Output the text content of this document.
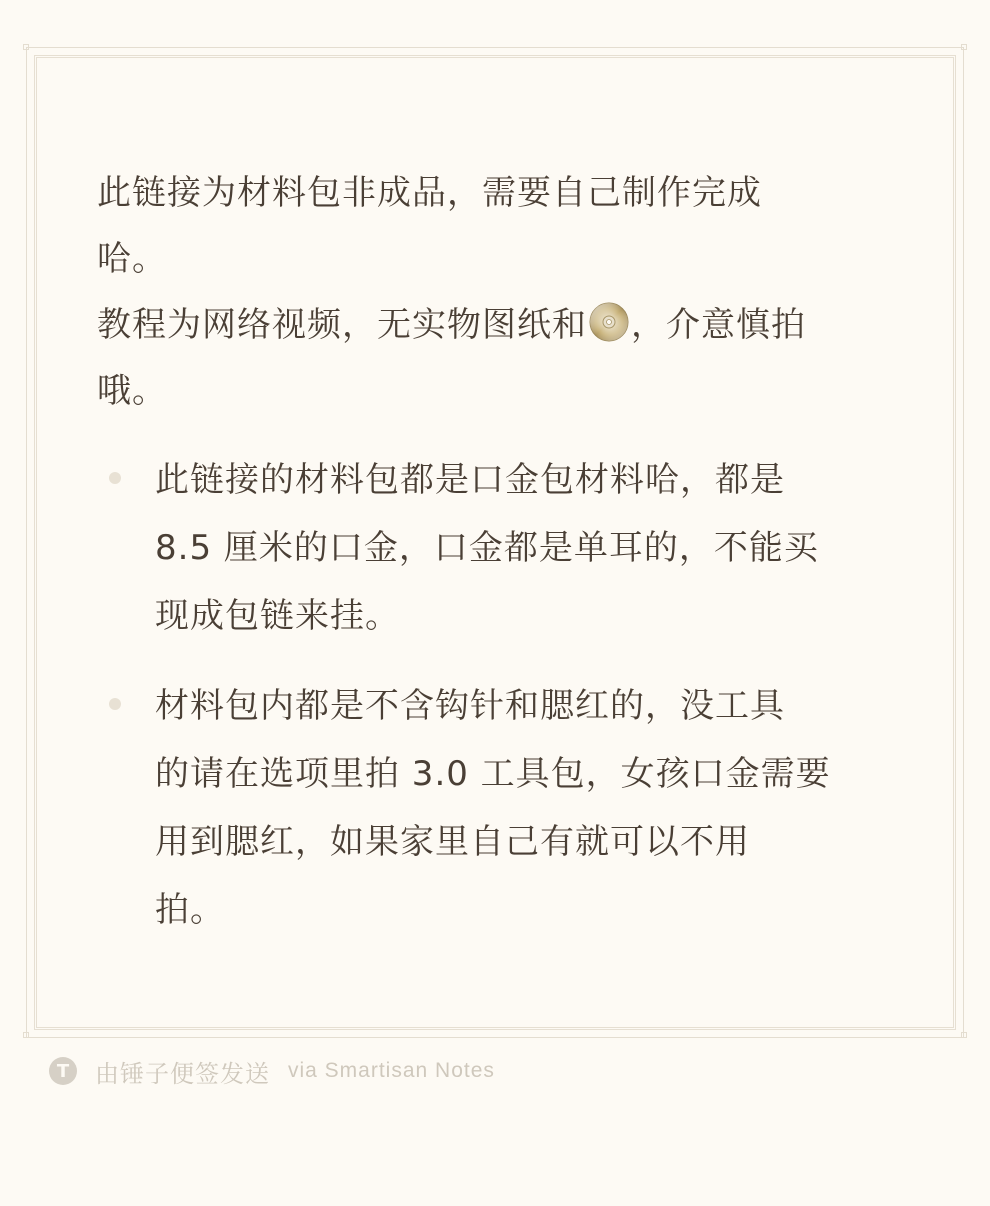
此链接为材料包非成品，需要自己制作完成
哈。
教程为网络视频，无实物图纸和 ，介意慎拍
哦。

此链接的材料包都是口金包材料哈，都是
8.5 厘米的口金，口金都是单耳的，不能买
现成包链来挂。
材料包内都是不含钩针和腮红的，没工具
的请在选项里拍 3.0 工具包，女孩口金需要
用到腮红，如果家里自己有就可以不用
拍。
T	由锤子便签发送 via Smartisan Notes
